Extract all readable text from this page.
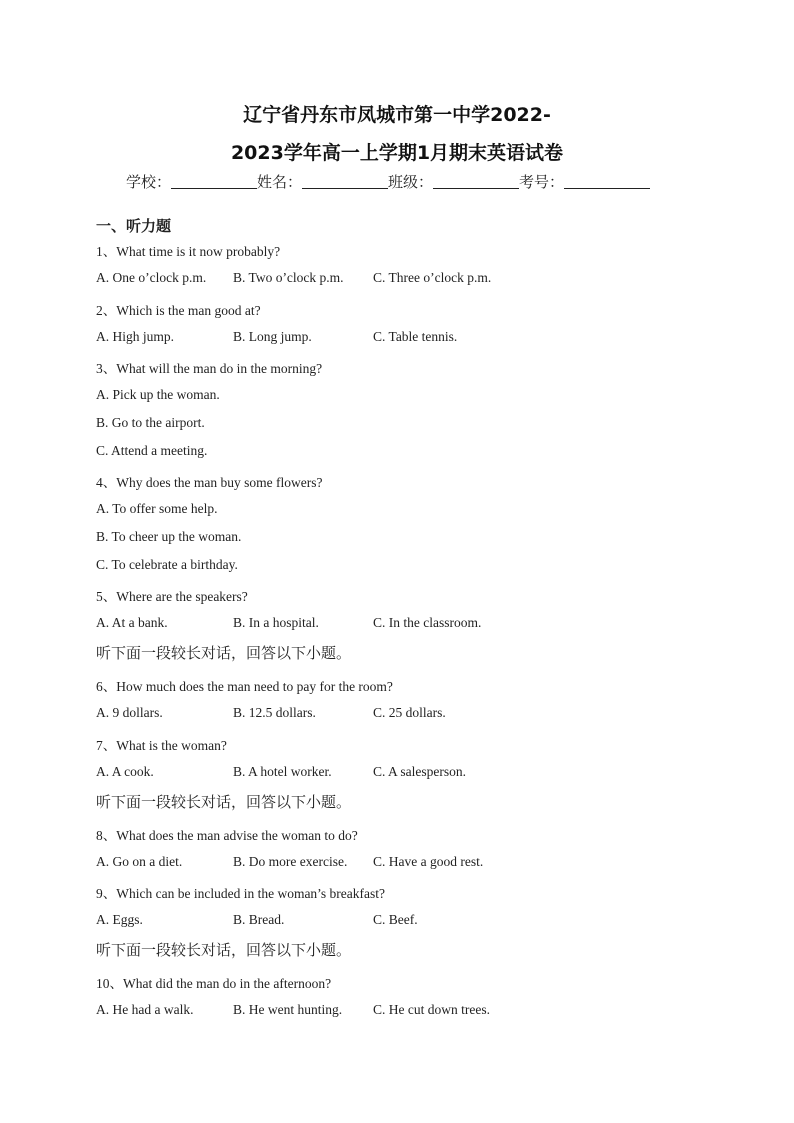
辽宁省丹东市凤城市第一中学2022-
2023学年高一上学期1月期末英语试卷
学校：	姓名：	班级：	考号：
一、听力题
1、What time is it now probably?
A. One o’clock p.m. B. Two o’clock p.m. C. Three o’clock p.m.
2、Which is the man good at?
A. High jump.	B. Long jump.	C. Table tennis.
3、What will the man do in the morning?
A. Pick up the woman.
B. Go to the airport.
C. Attend a meeting.
4、Why does the man buy some flowers?
A. To offer some help.
B. To cheer up the woman.
C. To celebrate a birthday.
5、Where are the speakers?
A. At a bank.	B. In a hospital.	C. In the classroom.
听下面一段较长对话，回答以下小题。
6、How much does the man need to pay for the room?
A. 9 dollars.	B. 12.5 dollars.	C. 25 dollars.
7、What is the woman?
A. A cook.	B. A hotel worker.	C. A salesperson.
听下面一段较长对话，回答以下小题。
8、What does the man advise the woman to do?
A. Go on a diet.	B. Do more exercise. C. Have a good rest.
9、Which can be included in the woman’s breakfast?
A. Eggs.	B. Bread.	C. Beef.
听下面一段较长对话，回答以下小题。
10、What did the man do in the afternoon?
A. He had a walk.	B. He went hunting. C. He cut down trees.
